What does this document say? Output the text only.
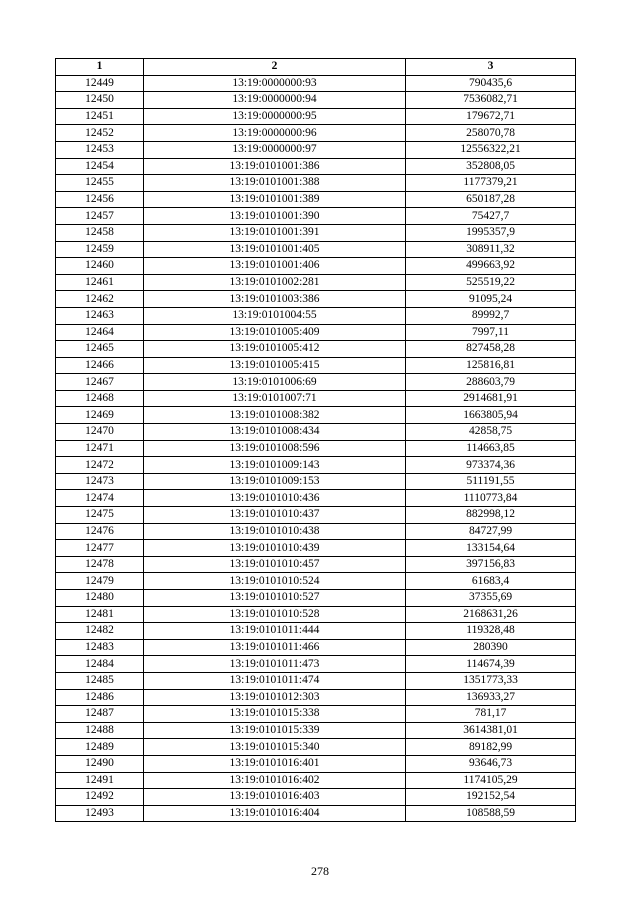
1	2	3
12449	13:19:0000000:93	790435,6
12450	13:19:0000000:94	7536082,71
12451	13:19:0000000:95	179672,71
12452	13:19:0000000:96	258070,78
12453	13:19:0000000:97	12556322,21
12454	13:19:0101001:386	352808,05
12455	13:19:0101001:388	1177379,21
12456	13:19:0101001:389	650187,28
12457	13:19:0101001:390	75427,7
12458	13:19:0101001:391	1995357,9
12459	13:19:0101001:405	308911,32
12460	13:19:0101001:406	499663,92
12461	13:19:0101002:281	525519,22
12462	13:19:0101003:386	91095,24
12463	13:19:0101004:55	89992,7
12464	13:19:0101005:409	7997,11
12465	13:19:0101005:412	827458,28
12466	13:19:0101005:415	125816,81
12467	13:19:0101006:69	288603,79
12468	13:19:0101007:71	2914681,91
12469	13:19:0101008:382	1663805,94
12470	13:19:0101008:434	42858,75
12471	13:19:0101008:596	114663,85
12472	13:19:0101009:143	973374,36
12473	13:19:0101009:153	511191,55
12474	13:19:0101010:436	1110773,84
12475	13:19:0101010:437	882998,12
12476	13:19:0101010:438	84727,99
12477	13:19:0101010:439	133154,64
12478	13:19:0101010:457	397156,83
12479	13:19:0101010:524	61683,4
12480	13:19:0101010:527	37355,69
12481	13:19:0101010:528	2168631,26
12482	13:19:0101011:444	119328,48
12483	13:19:0101011:466	280390
12484	13:19:0101011:473	114674,39
12485	13:19:0101011:474	1351773,33
12486	13:19:0101012:303	136933,27
12487	13:19:0101015:338	781,17
12488	13:19:0101015:339	3614381,01
12489	13:19:0101015:340	89182,99
12490	13:19:0101016:401	93646,73
12491	13:19:0101016:402	1174105,29
12492	13:19:0101016:403	192152,54
12493	13:19:0101016:404	108588,59
278
